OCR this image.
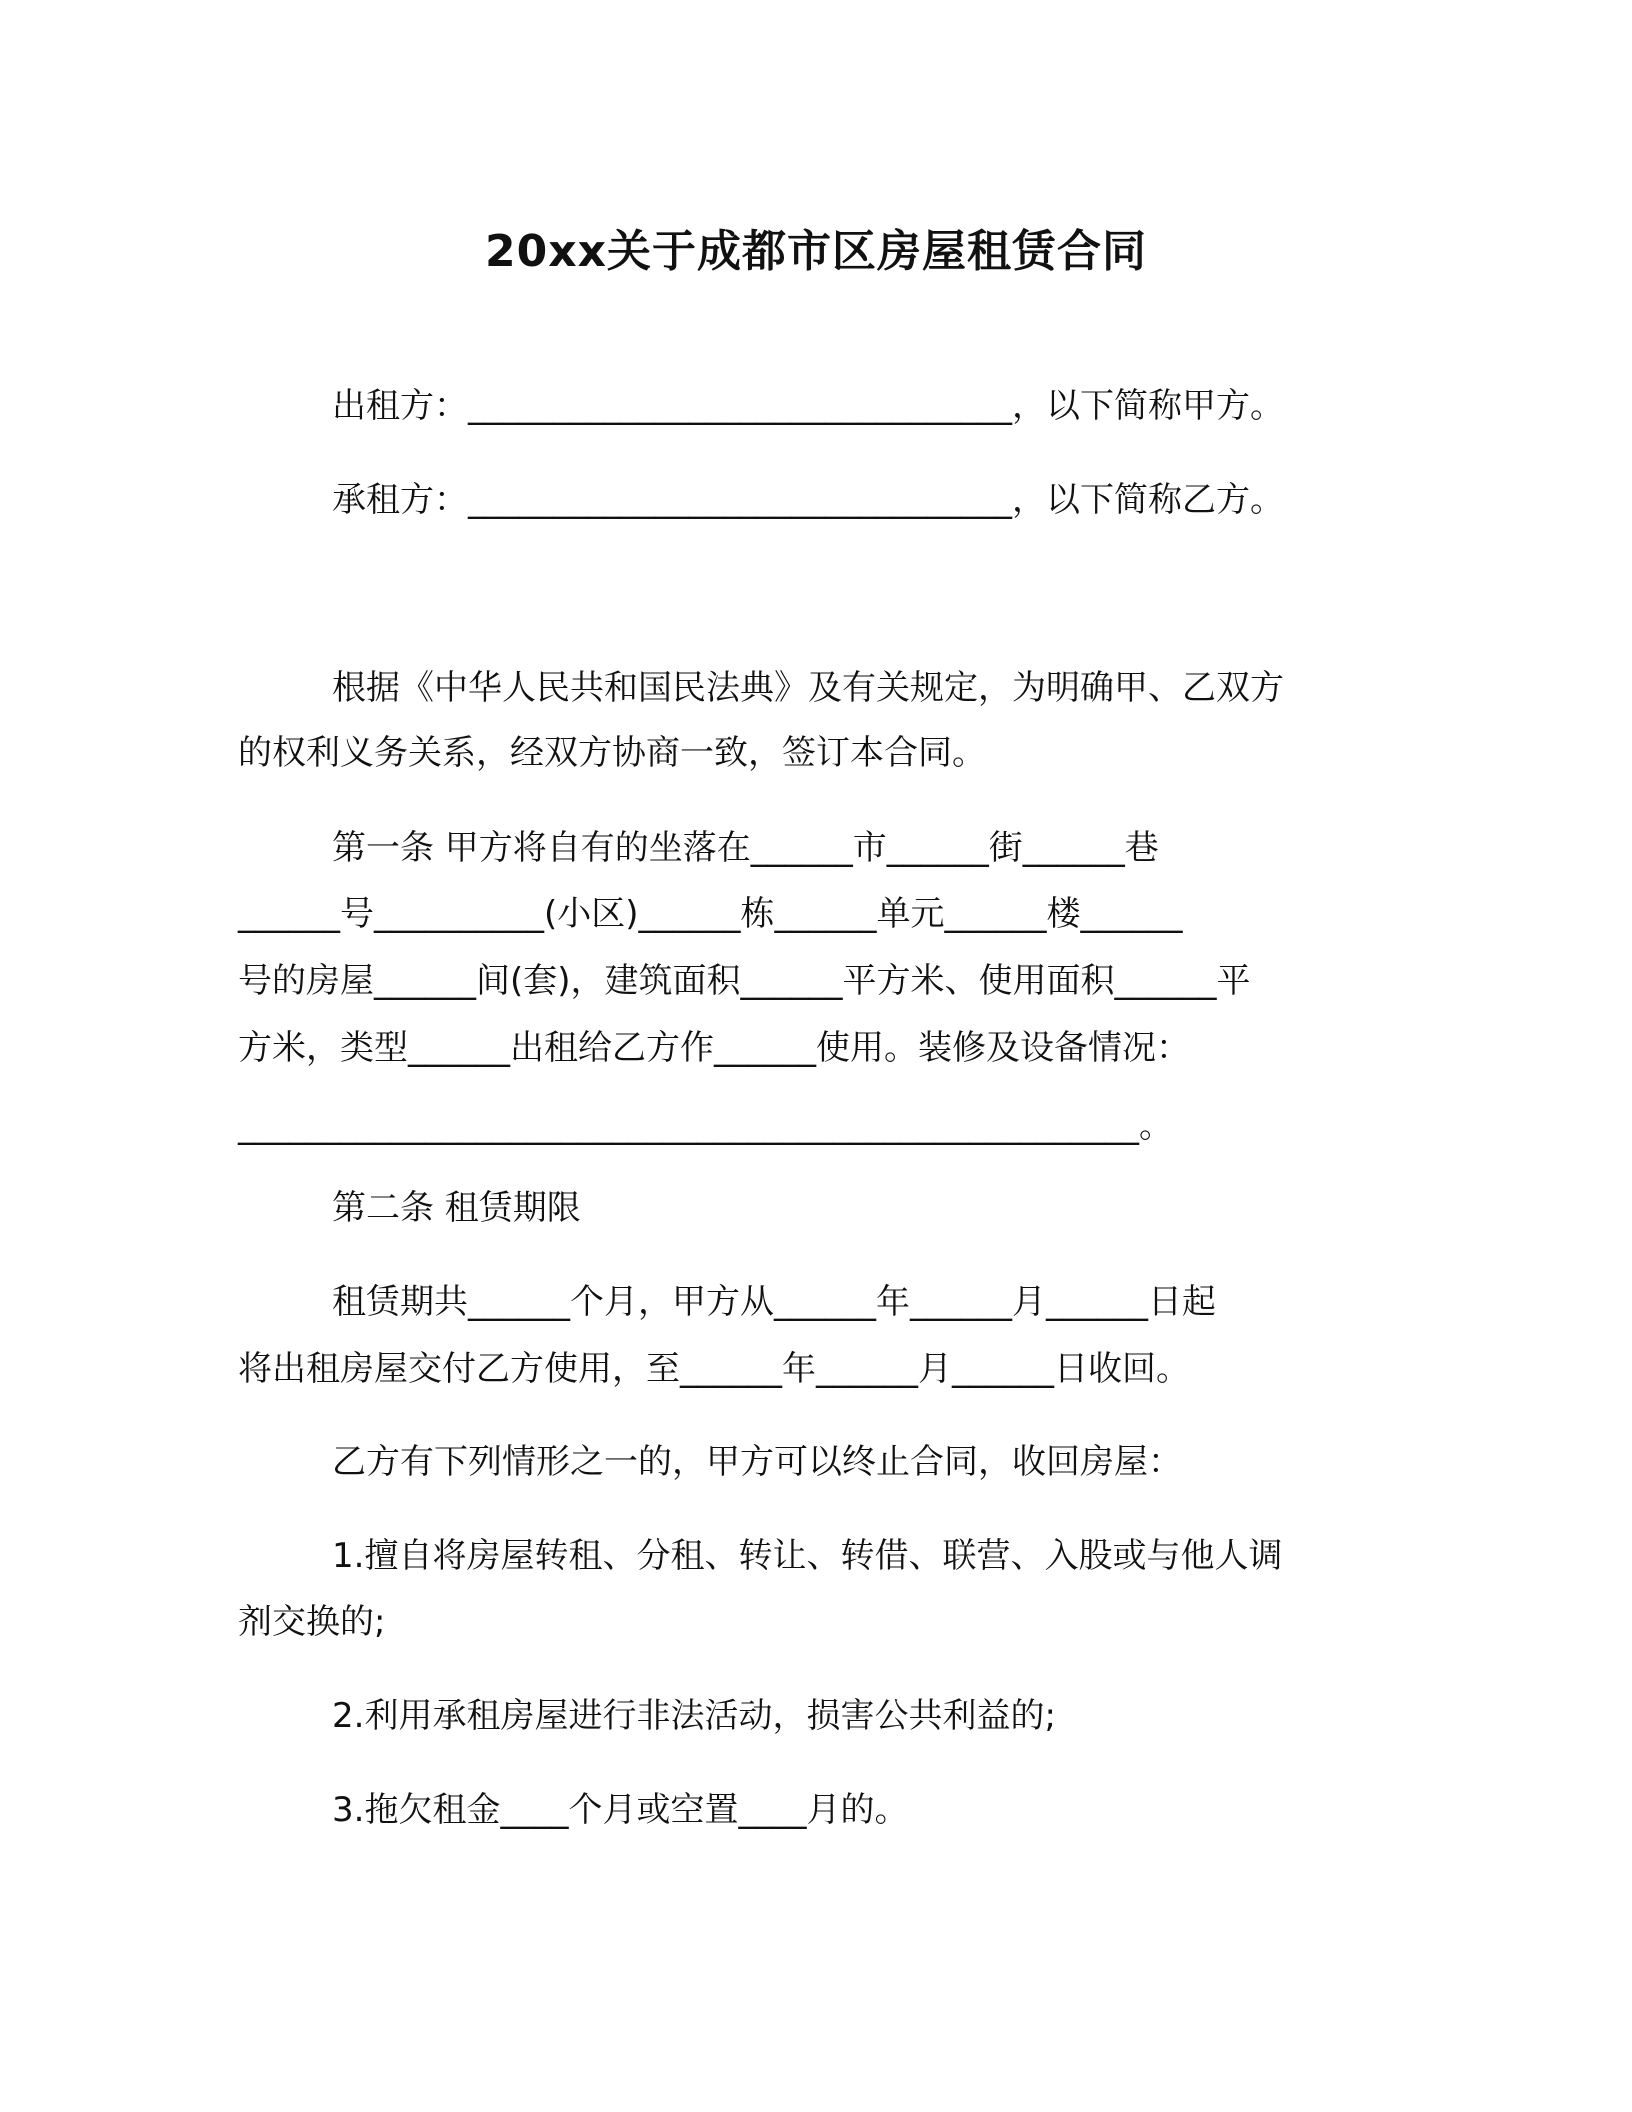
20xx关于成都市区房屋租赁合同
出租方：________________________________，以下简称甲方。
承租方：________________________________，以下简称乙方。
根据《中华人民共和国民法典》及有关规定，为明确甲、乙双方
的权利义务关系，经双方协商一致，签订本合同。
第一条 甲方将自有的坐落在______市______街______巷
______号__________(小区)______栋______单元______楼______
号的房屋______间(套)，建筑面积______平方米、使用面积______平
方米，类型______出租给乙方作______使用。装修及设备情况：
_____________________________________________________。
第二条 租赁期限
租赁期共______个月，甲方从______年______月______日起
将出租房屋交付乙方使用，至______年______月______日收回。
乙方有下列情形之一的，甲方可以终止合同，收回房屋：
1.擅自将房屋转租、分租、转让、转借、联营、入股或与他人调
剂交换的;
2.利用承租房屋进行非法活动，损害公共利益的;
3.拖欠租金____个月或空置____月的。
